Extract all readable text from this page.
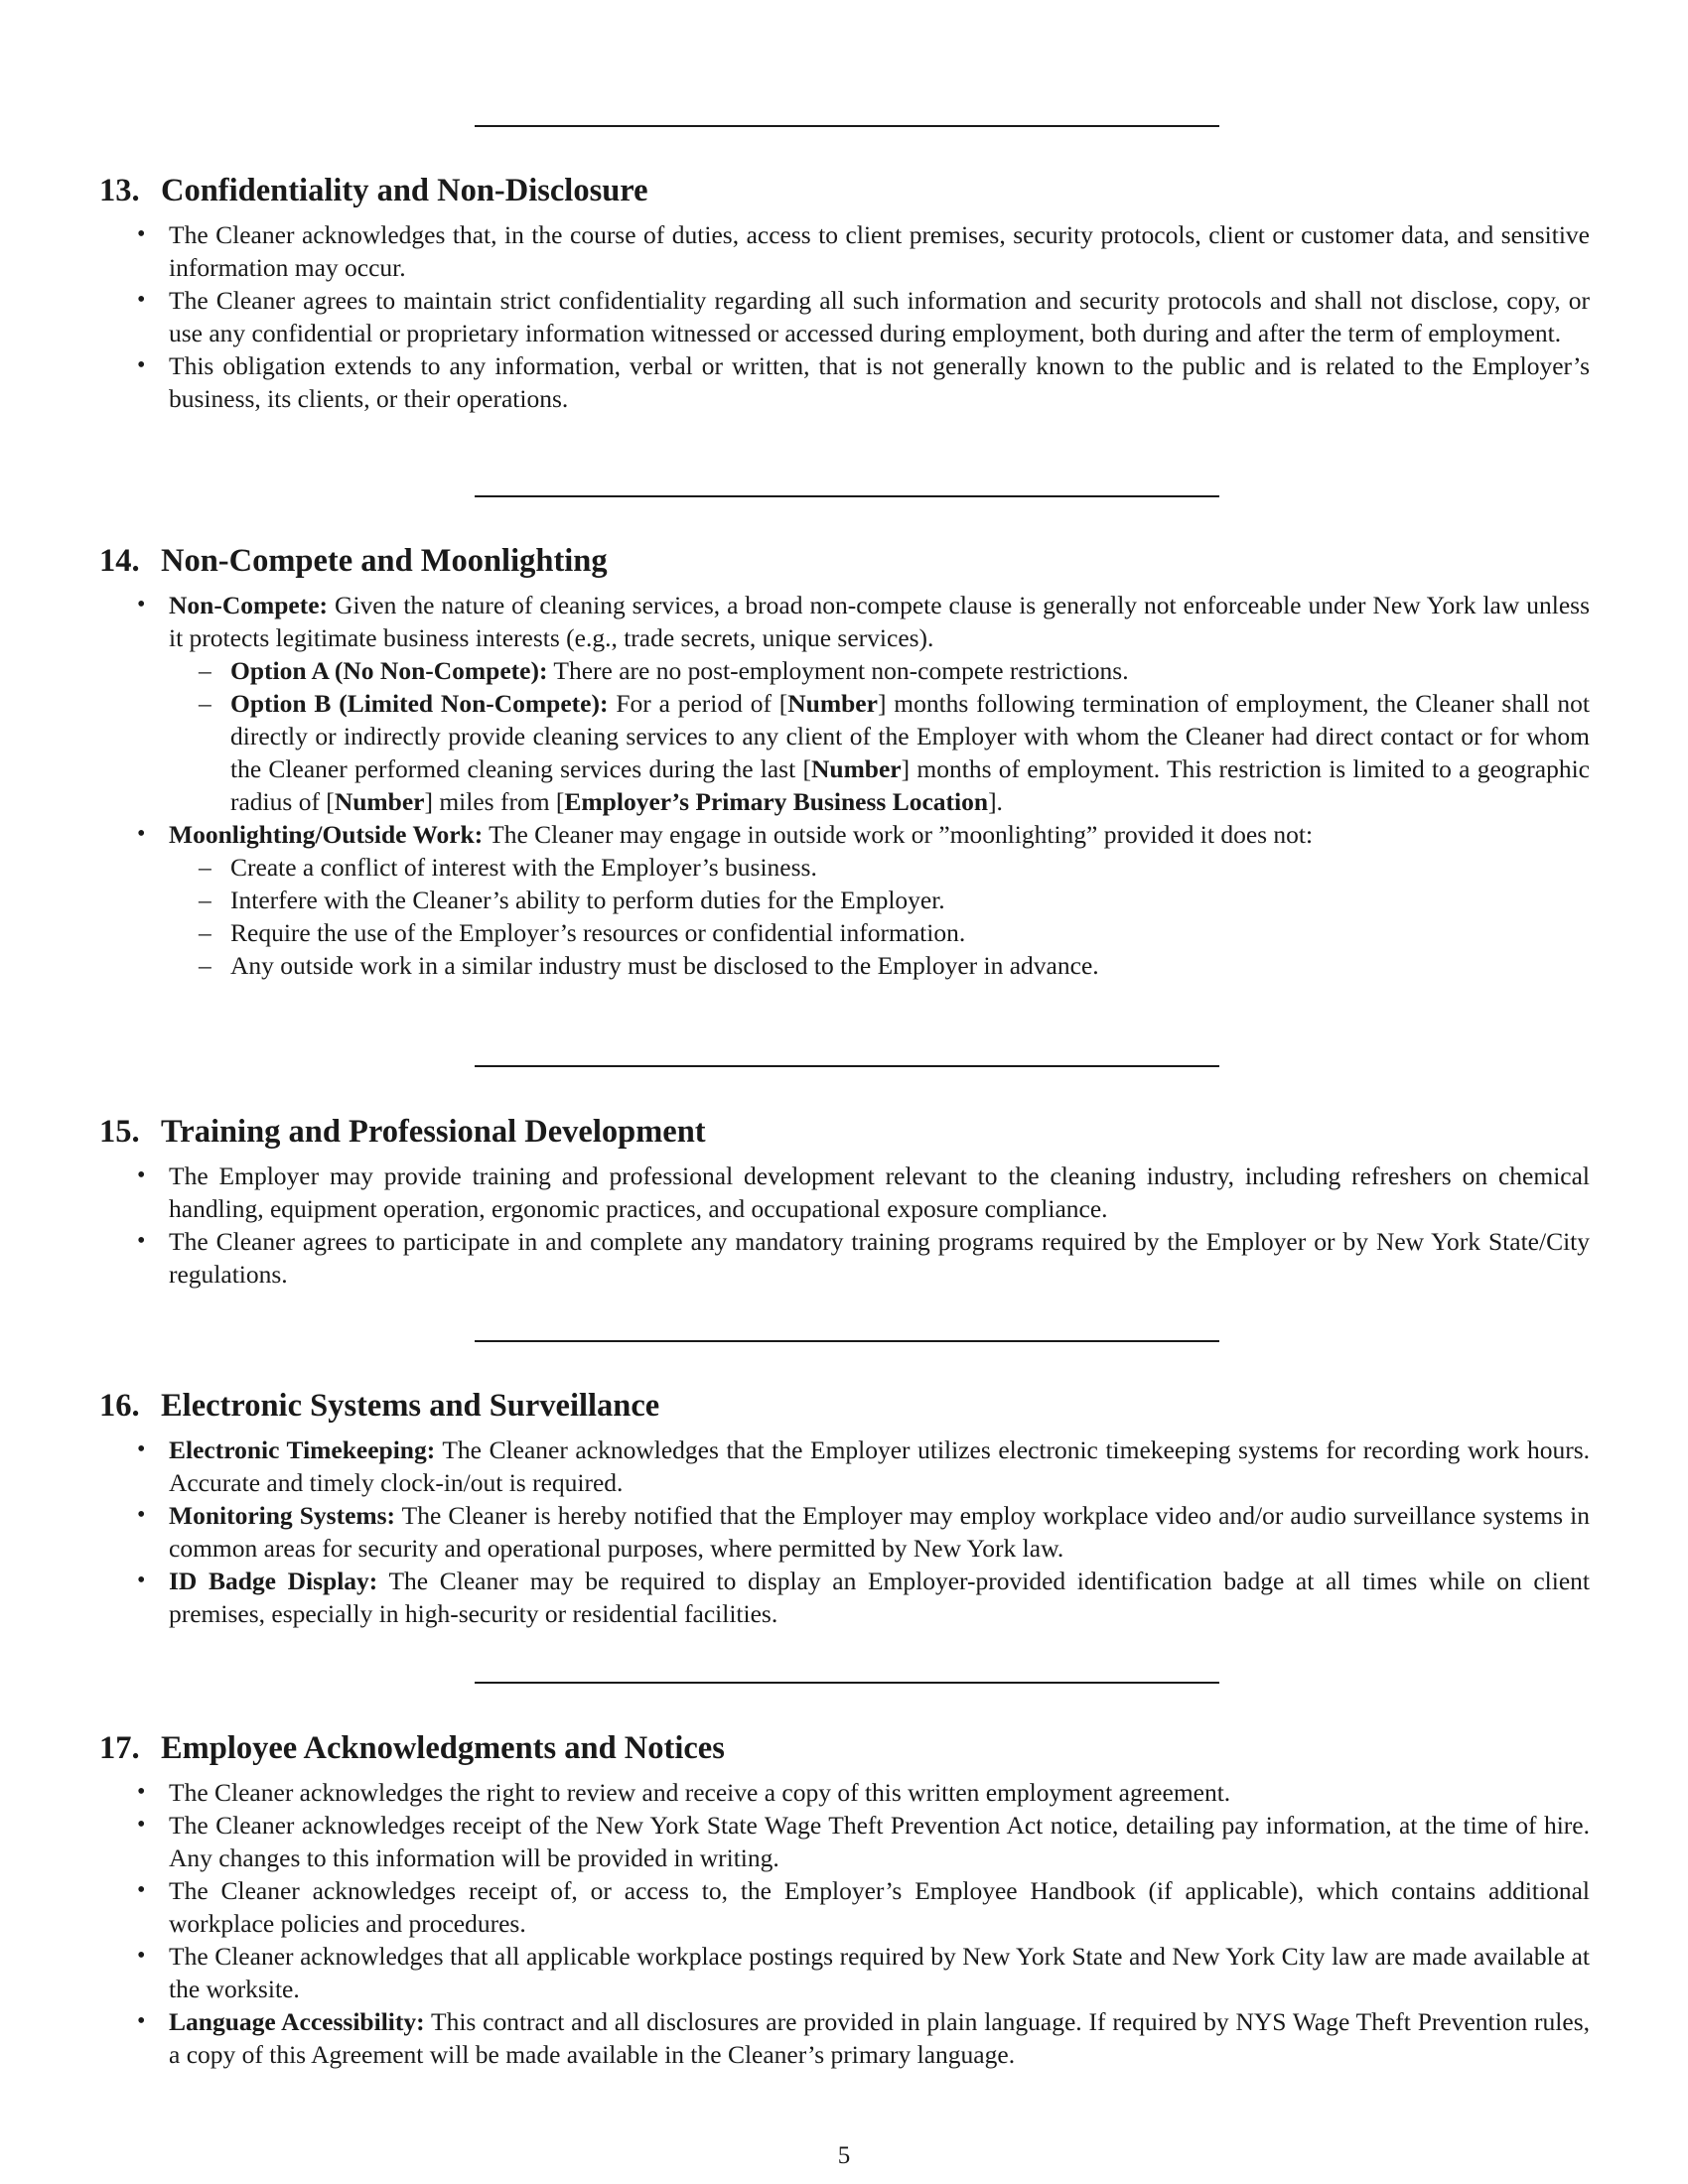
13. Confidentiality and Non-Disclosure
• The Cleaner acknowledges that, in the course of duties, access to client premises, security protocols, client or customer data, and sensitive information may occur.
• The Cleaner agrees to maintain strict confidentiality regarding all such information and security protocols and shall not disclose, copy, or use any confidential or proprietary information witnessed or accessed during employment, both during and after the term of employment.
• This obligation extends to any information, verbal or written, that is not generally known to the public and is related to the Employer’s business, its clients, or their operations.
14. Non-Compete and Moonlighting
• Non-Compete: Given the nature of cleaning services, a broad non-compete clause is generally not enforceable under New York law unless it protects legitimate business interests (e.g., trade secrets, unique services).
– Option A (No Non-Compete): There are no post-employment non-compete restrictions.
– Option B (Limited Non-Compete): For a period of [Number] months following termination of employment, the Cleaner shall not directly or indirectly provide cleaning services to any client of the Employer with whom the Cleaner had direct contact or for whom the Cleaner performed cleaning services during the last [Number] months of employment. This restriction is limited to a geographic radius of [Number] miles from [Employer’s Primary Business Location].
• Moonlighting/Outside Work: The Cleaner may engage in outside work or ”moonlighting” provided it does not:
– Create a conflict of interest with the Employer’s business.
– Interfere with the Cleaner’s ability to perform duties for the Employer.
– Require the use of the Employer’s resources or confidential information.
– Any outside work in a similar industry must be disclosed to the Employer in advance.
15. Training and Professional Development
• The Employer may provide training and professional development relevant to the cleaning industry, including refreshers on chemical handling, equipment operation, ergonomic practices, and occupational exposure compliance.
• The Cleaner agrees to participate in and complete any mandatory training programs required by the Employer or by New York State/City regulations.
16. Electronic Systems and Surveillance
• Electronic Timekeeping: The Cleaner acknowledges that the Employer utilizes electronic timekeeping systems for recording work hours. Accurate and timely clock-in/out is required.
• Monitoring Systems: The Cleaner is hereby notified that the Employer may employ workplace video and/or audio surveillance systems in common areas for security and operational purposes, where permitted by New York law.
• ID Badge Display: The Cleaner may be required to display an Employer-provided identification badge at all times while on client premises, especially in high-security or residential facilities.
17. Employee Acknowledgments and Notices
• The Cleaner acknowledges the right to review and receive a copy of this written employment agreement.
• The Cleaner acknowledges receipt of the New York State Wage Theft Prevention Act notice, detailing pay information, at the time of hire. Any changes to this information will be provided in writing.
• The Cleaner acknowledges receipt of, or access to, the Employer’s Employee Handbook (if applicable), which contains additional workplace policies and procedures.
• The Cleaner acknowledges that all applicable workplace postings required by New York State and New York City law are made available at the worksite.
• Language Accessibility: This contract and all disclosures are provided in plain language. If required by NYS Wage Theft Prevention rules, a copy of this Agreement will be made available in the Cleaner’s primary language.
5
